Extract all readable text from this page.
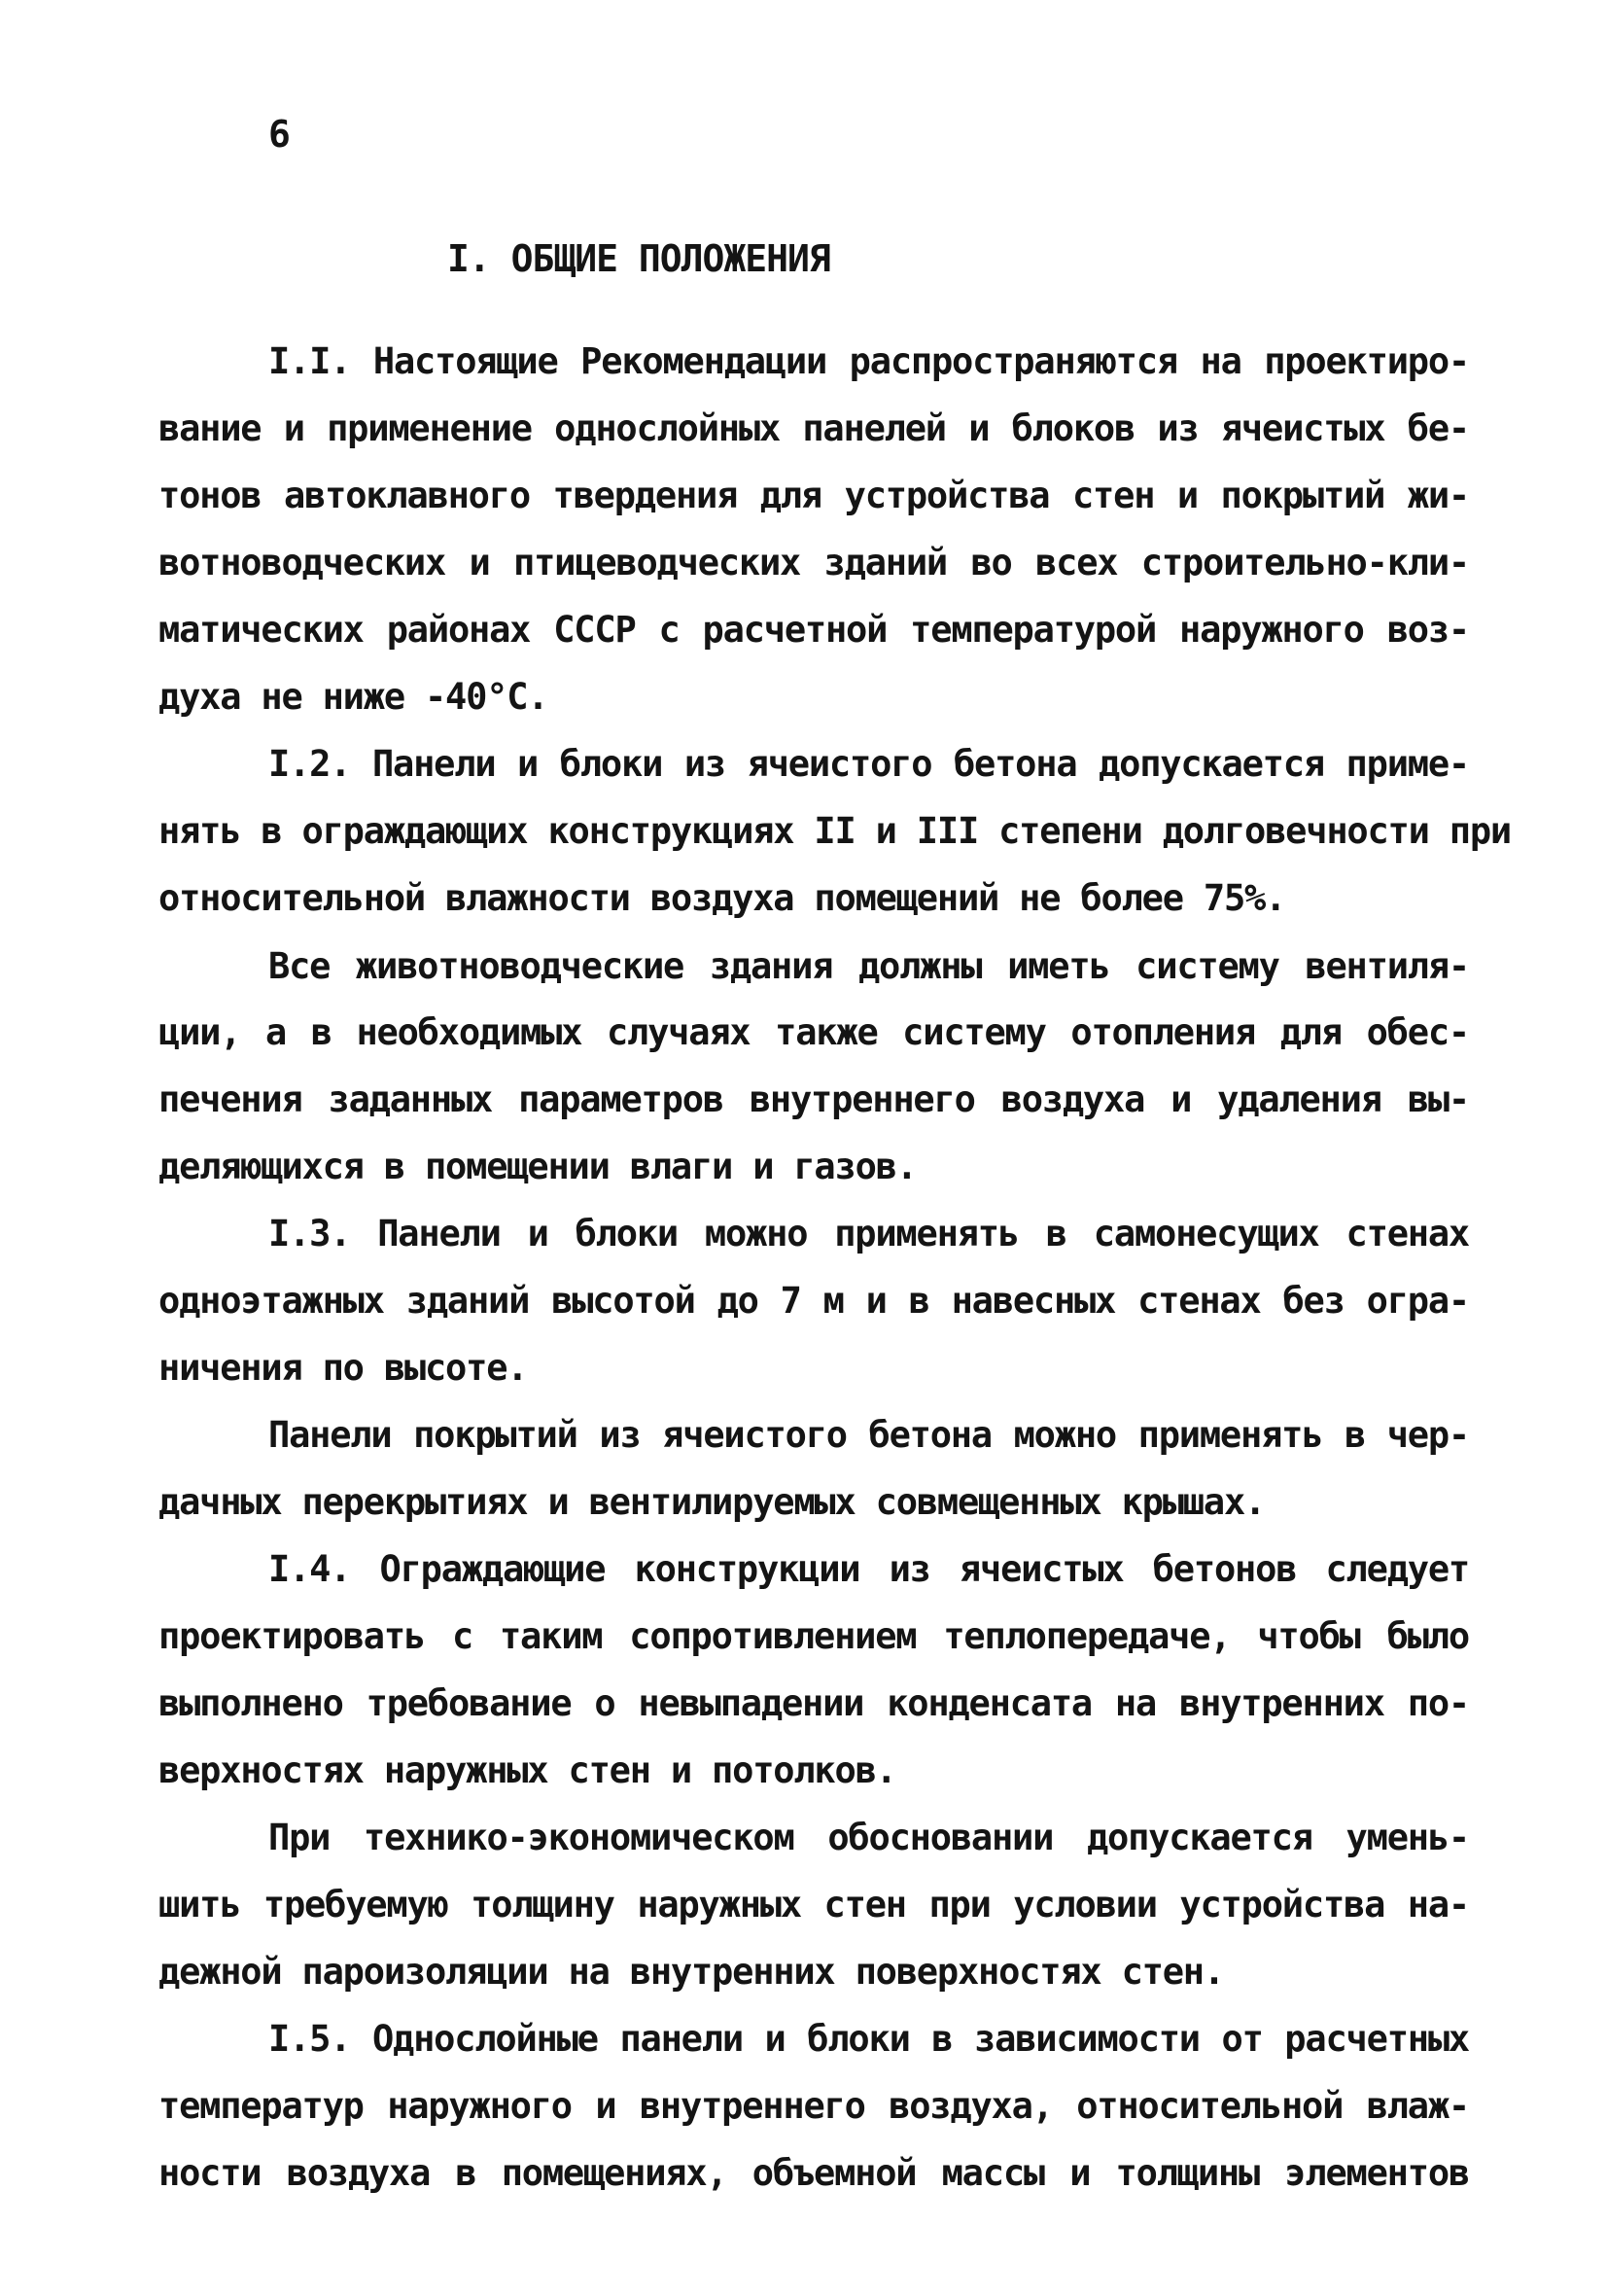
6
I. ОБЩИЕ ПОЛОЖЕНИЯ
I.I. Настоящие Рекомендации распространяются на проектиро-
вание и применение однослойных панелей и блоков из ячеистых бе-
тонов автоклавного твердения для устройства стен и покрытий жи-
вотноводческих и птицеводческих зданий во всех строительно-кли-
матических районах СССР с расчетной температурой наружного воз-
духа не ниже -40°С.
I.2. Панели и блоки из ячеистого бетона допускается приме-
нять в ограждающих конструкциях II и III степени долговечности при
относительной влажности воздуха помещений не более 75%.
Все животноводческие здания должны иметь систему вентиля-
ции, а в необходимых случаях также систему отопления для обес-
печения заданных параметров внутреннего воздуха и удаления вы-
деляющихся в помещении влаги и газов.
I.3. Панели и блоки можно применять в самонесущих стенах
одноэтажных зданий высотой до 7 м и в навесных стенах без огра-
ничения по высоте.
Панели покрытий из ячеистого бетона можно применять в чер-
дачных перекрытиях и вентилируемых совмещенных крышах.
I.4. Ограждающие конструкции из ячеистых бетонов следует
проектировать с таким сопротивлением теплопередаче, чтобы было
выполнено требование о невыпадении конденсата на внутренних по-
верхностях наружных стен и потолков.
При технико-экономическом обосновании допускается умень-
шить требуемую толщину наружных стен при условии устройства на-
дежной пароизоляции на внутренних поверхностях стен.
I.5. Однослойные панели и блоки в зависимости от расчетных
температур наружного и внутреннего воздуха, относительной влаж-
ности воздуха в помещениях, объемной массы и толщины элементов
